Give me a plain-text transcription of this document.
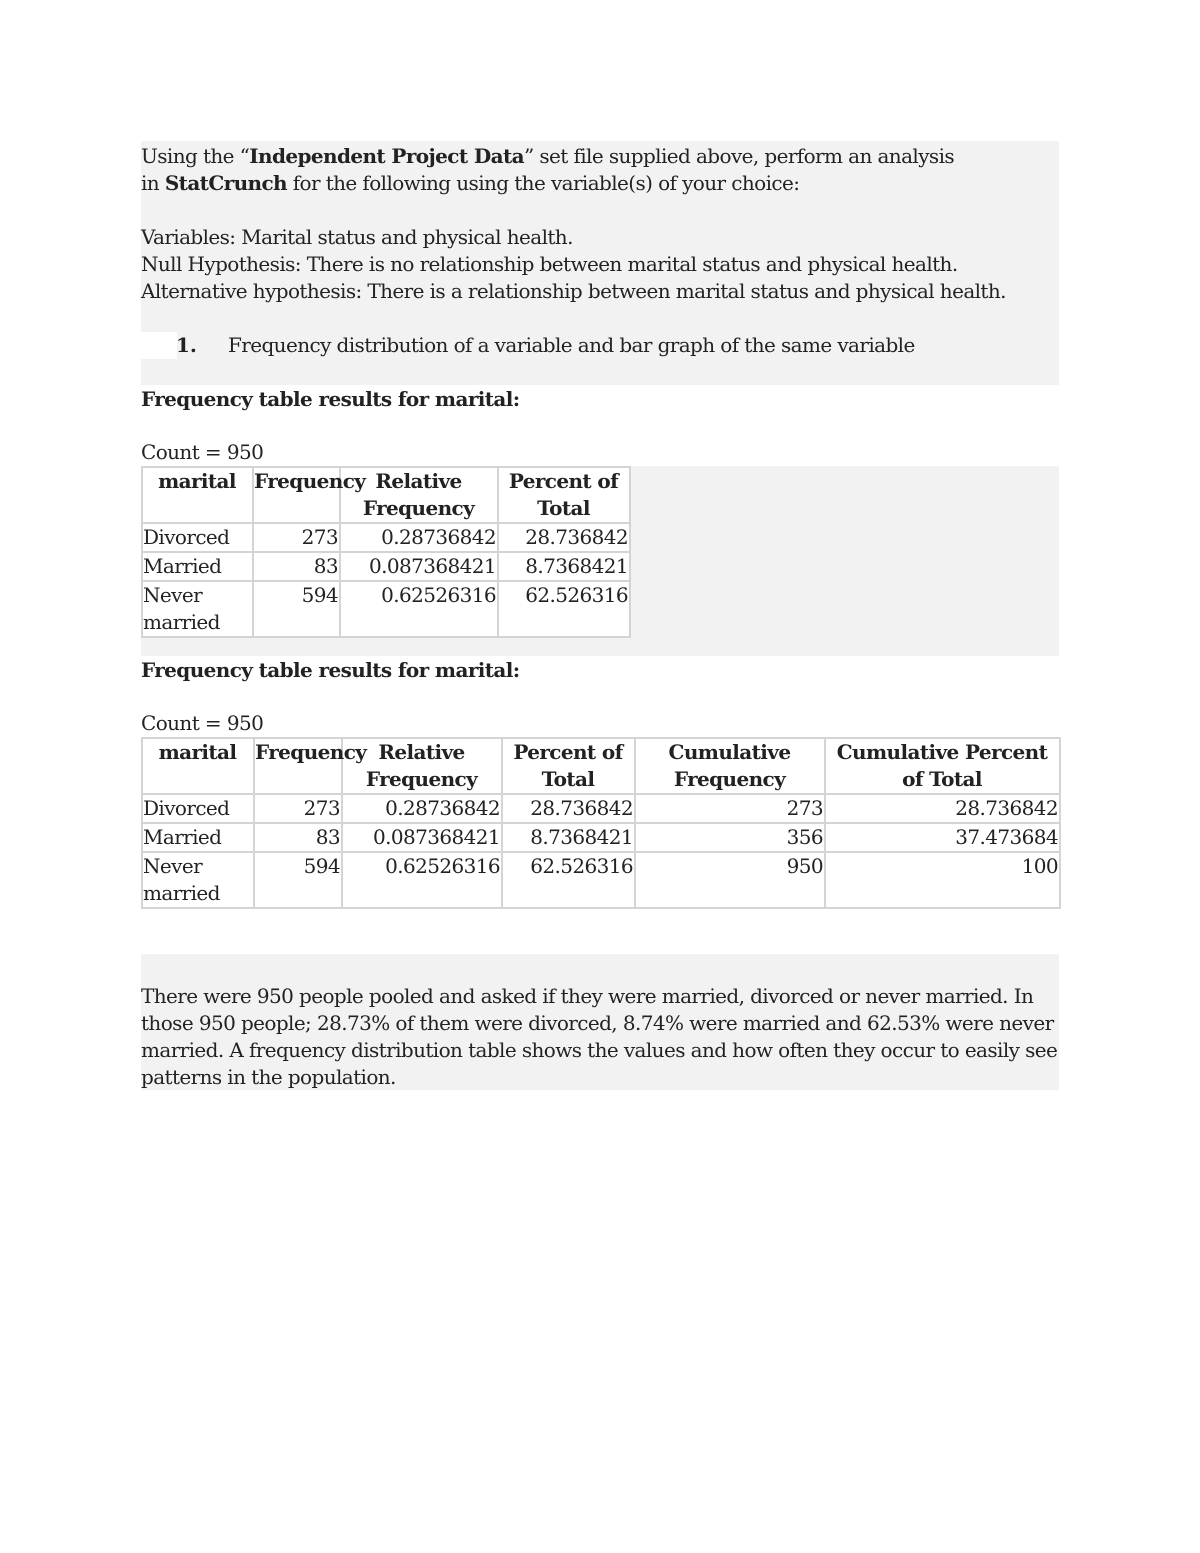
Using the “Independent Project Data” set file supplied above, perform an analysis
in StatCrunch for the following using the variable(s) of your choice:
Variables: Marital status and physical health.
Null Hypothesis: There is no relationship between marital status and physical health.
Alternative hypothesis: There is a relationship between marital status and physical health.
1. Frequency distribution of a variable and bar graph of the same variable
Frequency table results for marital:
Count = 950
marital	Frequency	Relative Frequency	Percent of Total
Divorced	273	0.28736842	28.736842
Married	83	0.087368421	8.7368421
Never married	594	0.62526316	62.526316
Frequency table results for marital:
Count = 950
marital	Frequency	Relative Frequency	Percent of Total	Cumulative Frequency	Cumulative Percent of Total
Divorced	273	0.28736842	28.736842	273	28.736842
Married	83	0.087368421	8.7368421	356	37.473684
Never married	594	0.62526316	62.526316	950	100
There were 950 people pooled and asked if they were married, divorced or never married. In those 950 people; 28.73% of them were divorced, 8.74% were married and 62.53% were never married. A frequency distribution table shows the values and how often they occur to easily see patterns in the population.
